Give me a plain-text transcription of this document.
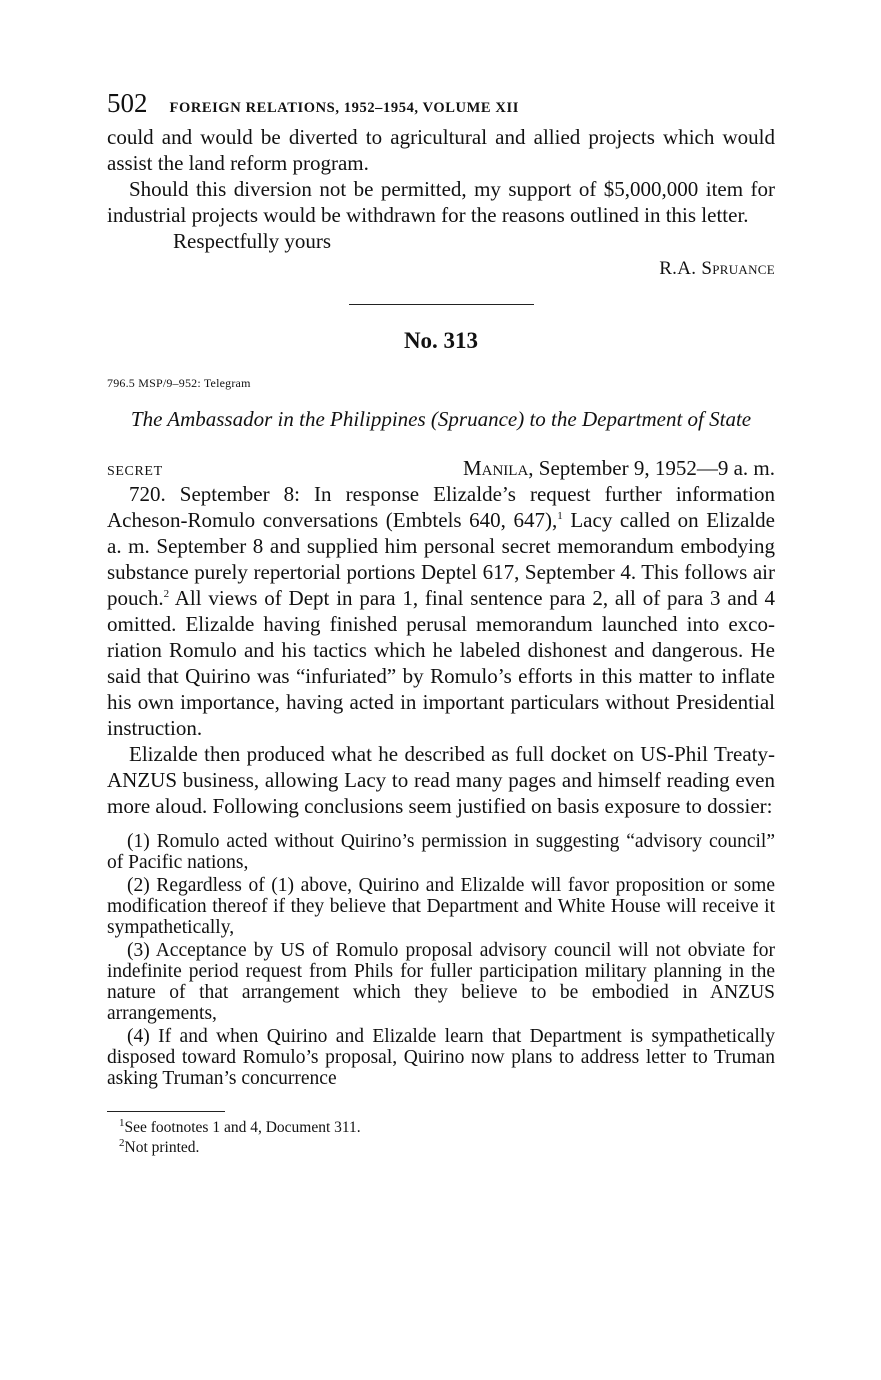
502 FOREIGN RELATIONS, 1952–1954, VOLUME XII

could and would be diverted to agricultural and allied projects which would assist the land reform program.

Should this diversion not be permitted, my support of $5,000,000 item for industrial projects would be withdrawn for the reasons outlined in this letter.

Respectfully yours

R.A. Spruance

No. 313

796.5 MSP/9–952: Telegram

The Ambassador in the Philippines (Spruance) to the Department of State

SECRET	Manila, September 9, 1952—9 a. m.

720. September 8: In response Elizalde’s request further information Acheson-Romulo conversations (Embtels 640, 647),$^1$ Lacy called on Elizalde a. m. September 8 and supplied him personal secret memorandum embodying substance purely repertorial portions Deptel 617, September 4. This follows air pouch.$^2$ All views of Dept in para 1, final sentence para 2, all of para 3 and 4 omitted. Elizalde having finished perusal memorandum launched into excoriation Romulo and his tactics which he labeled dishonest and dangerous. He said that Quirino was “infuriated” by Romulo’s efforts in this matter to inflate his own importance, having acted in important particulars without Presidential instruction.

Elizalde then produced what he described as full docket on US-Phil Treaty-ANZUS business, allowing Lacy to read many pages and himself reading even more aloud. Following conclusions seem justified on basis exposure to dossier:

(1) Romulo acted without Quirino’s permission in suggesting “advisory council” of Pacific nations,

(2) Regardless of (1) above, Quirino and Elizalde will favor proposition or some modification thereof if they believe that Department and White House will receive it sympathetically,

(3) Acceptance by US of Romulo proposal advisory council will not obviate for indefinite period request from Phils for fuller participation military planning in the nature of that arrangement which they believe to be embodied in ANZUS arrangements,

(4) If and when Quirino and Elizalde learn that Department is sympathetically disposed toward Romulo’s proposal, Quirino now plans to address letter to Truman asking Truman’s concurrence

$^1$See footnotes 1 and 4, Document 311.

$^2$Not printed.
